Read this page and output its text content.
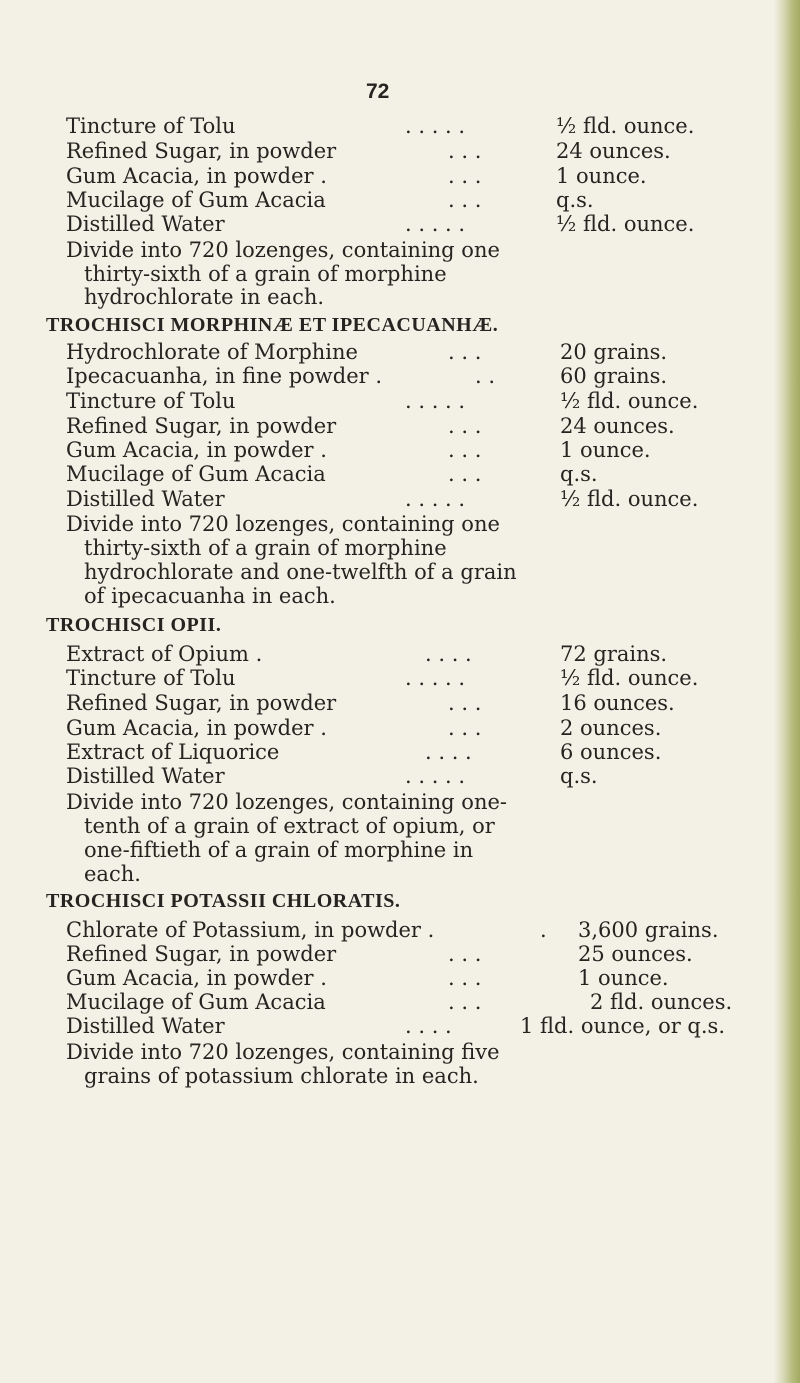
72
Tincture of Tolu	. . . . .	½ fld. ounce.
Refined Sugar, in powder	. . .	24 ounces.
Gum Acacia, in powder .	. . .	1 ounce.
Mucilage of Gum Acacia	. . .	q.s.
Distilled Water	. . . . .	½ fld. ounce.
Divide into 720 lozenges, containing one
thirty-sixth of a grain of morphine
hydrochlorate in each.
TROCHISCI MORPHINÆ ET IPECACUANHÆ.
Hydrochlorate of Morphine	. . .	20 grains.
Ipecacuanha, in fine powder .	. .	60 grains.
Tincture of Tolu	. . . . .	½ fld. ounce.
Refined Sugar, in powder	. . .	24 ounces.
Gum Acacia, in powder .	. . .	1 ounce.
Mucilage of Gum Acacia	. . .	q.s.
Distilled Water	. . . . .	½ fld. ounce.
Divide into 720 lozenges, containing one
thirty-sixth of a grain of morphine
hydrochlorate and one-twelfth of a grain
of ipecacuanha in each.
TROCHISCI OPII.
Extract of Opium .	. . . .	72 grains.
Tincture of Tolu	. . . . .	½ fld. ounce.
Refined Sugar, in powder	. . .	16 ounces.
Gum Acacia, in powder .	. . .	2 ounces.
Extract of Liquorice	. . . .	6 ounces.
Distilled Water	. . . . .	q.s.
Divide into 720 lozenges, containing one-
tenth of a grain of extract of opium, or
one-fiftieth of a grain of morphine in
each.
TROCHISCI POTASSII CHLORATIS.
Chlorate of Potassium, in powder .	. 3,600 grains.
Refined Sugar, in powder	. . .	25 ounces.
Gum Acacia, in powder .	. . .	1 ounce.
Mucilage of Gum Acacia	. . .	2 fld. ounces.
Distilled Water	. . . .	1 fld. ounce, or q.s.
Divide into 720 lozenges, containing five
grains of potassium chlorate in each.
